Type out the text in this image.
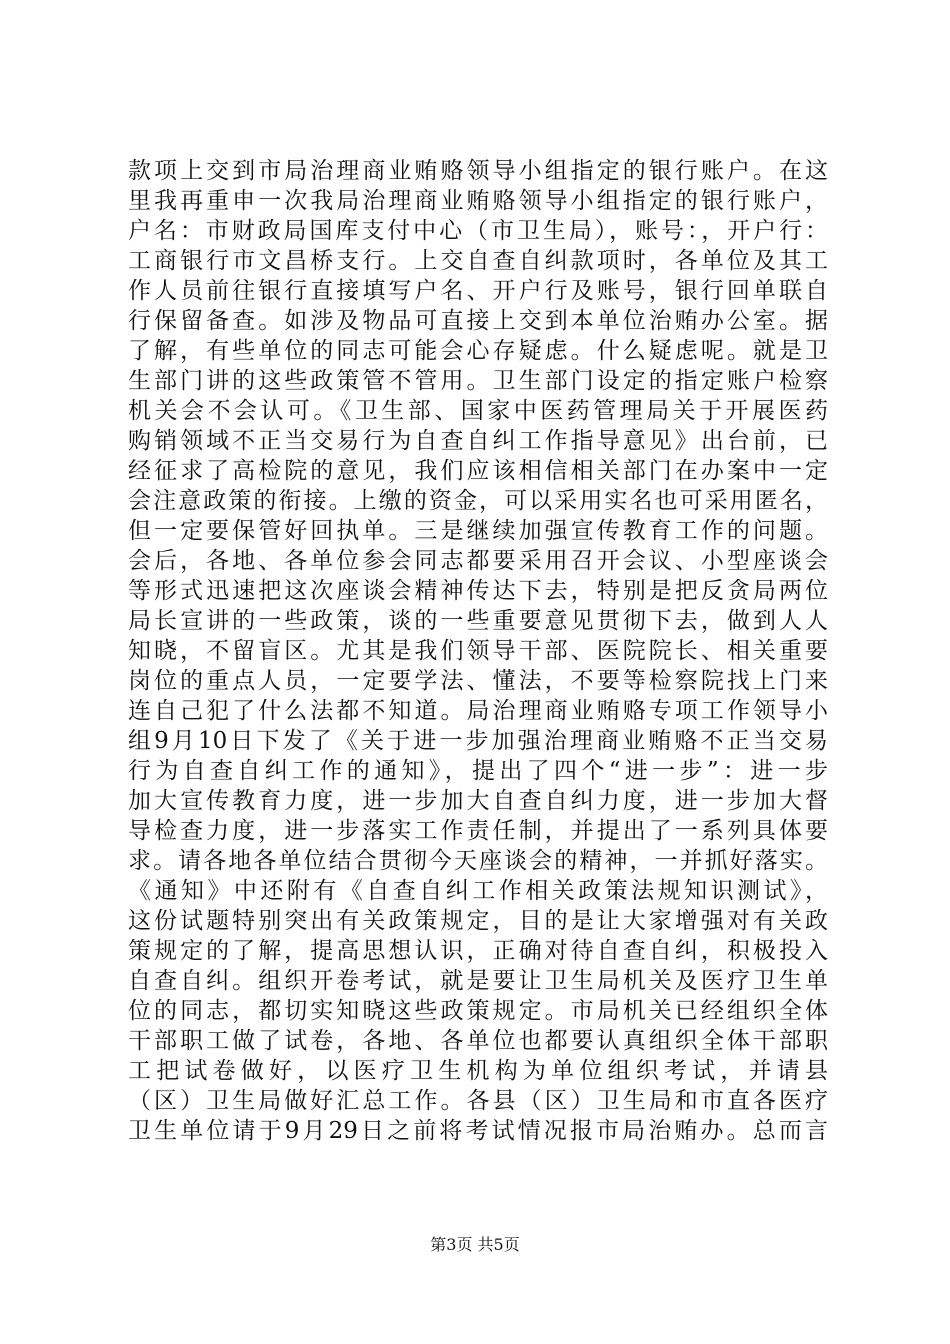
款项上交到市局治理商业贿赂领导小组指定的银行账户。在这
里我再重申一次我局治理商业贿赂领导小组指定的银行账户，
户名：市财政局国库支付中心（市卫生局），账号：，开户行：
工商银行市文昌桥支行。上交自查自纠款项时，各单位及其工
作人员前往银行直接填写户名、开户行及账号，银行回单联自
行保留备查。如涉及物品可直接上交到本单位治贿办公室。据
了解，有些单位的同志可能会心存疑虑。什么疑虑呢。就是卫
生部门讲的这些政策管不管用。卫生部门设定的指定账户检察
机关会不会认可。《卫生部、国家中医药管理局关于开展医药
购销领域不正当交易行为自查自纠工作指导意见》出台前，已
经征求了高检院的意见，我们应该相信相关部门在办案中一定
会注意政策的衔接。上缴的资金，可以采用实名也可采用匿名，
但一定要保管好回执单。三是继续加强宣传教育工作的问题。
会后，各地、各单位参会同志都要采用召开会议、小型座谈会
等形式迅速把这次座谈会精神传达下去，特别是把反贪局两位
局长宣讲的一些政策，谈的一些重要意见贯彻下去，做到人人
知晓，不留盲区。尤其是我们领导干部、医院院长、相关重要
岗位的重点人员，一定要学法、懂法，不要等检察院找上门来
连自己犯了什么法都不知道。局治理商业贿赂专项工作领导小
组9月10日下发了《关于进一步加强治理商业贿赂不正当交易
行为自查自纠工作的通知》，提出了四个“进一步”：进一步
加大宣传教育力度，进一步加大自查自纠力度，进一步加大督
导检查力度，进一步落实工作责任制，并提出了一系列具体要
求。请各地各单位结合贯彻今天座谈会的精神，一并抓好落实。
《通知》中还附有《自查自纠工作相关政策法规知识测试》，
这份试题特别突出有关政策规定，目的是让大家增强对有关政
策规定的了解，提高思想认识，正确对待自查自纠，积极投入
自查自纠。组织开卷考试，就是要让卫生局机关及医疗卫生单
位的同志，都切实知晓这些政策规定。市局机关已经组织全体
干部职工做了试卷，各地、各单位也都要认真组织全体干部职
工把试卷做好，以医疗卫生机构为单位组织考试，并请县
（区）卫生局做好汇总工作。各县（区）卫生局和市直各医疗
卫生单位请于9月29日之前将考试情况报市局治贿办。总而言
第3页 共5页
